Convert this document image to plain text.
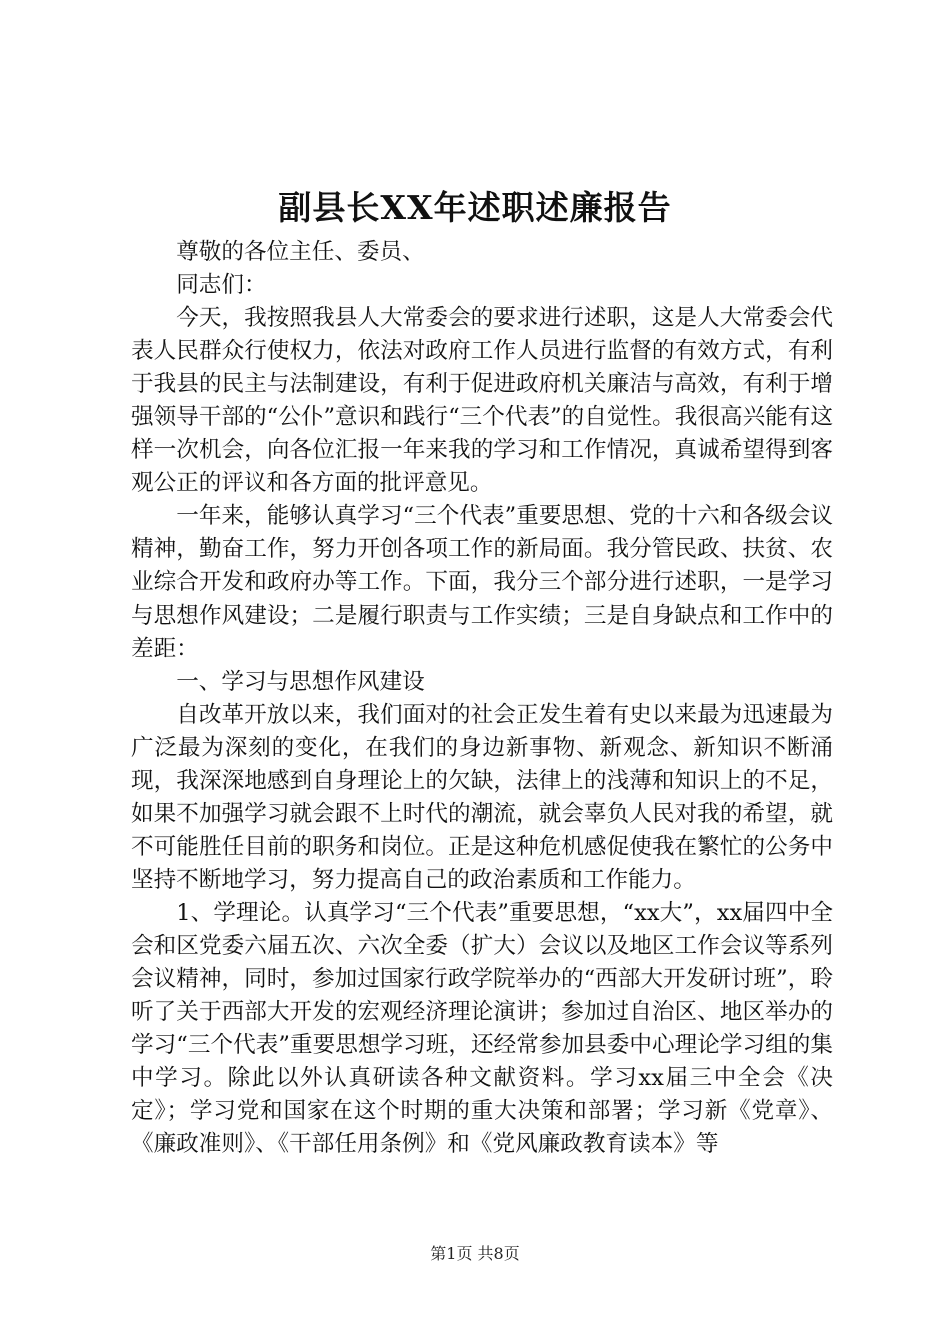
副县长XX年述职述廉报告

尊敬的各位主任、委员、

同志们：

今天，我按照我县人大常委会的要求进行述职，这是人大常委会代表人民群众行使权力，依法对政府工作人员进行监督的有效方式，有利于我县的民主与法制建设，有利于促进政府机关廉洁与高效，有利于增强领导干部的“公仆”意识和践行“三个代表”的自觉性。我很高兴能有这样一次机会，向各位汇报一年来我的学习和工作情况，真诚希望得到客观公正的评议和各方面的批评意见。

一年来，能够认真学习“三个代表”重要思想、党的十六和各级会议精神，勤奋工作，努力开创各项工作的新局面。我分管民政、扶贫、农业综合开发和政府办等工作。下面，我分三个部分进行述职，一是学习与思想作风建设；二是履行职责与工作实绩；三是自身缺点和工作中的差距：

一、学习与思想作风建设

自改革开放以来，我们面对的社会正发生着有史以来最为迅速最为广泛最为深刻的变化，在我们的身边新事物、新观念、新知识不断涌现，我深深地感到自身理论上的欠缺，法律上的浅薄和知识上的不足，如果不加强学习就会跟不上时代的潮流，就会辜负人民对我的希望，就不可能胜任目前的职务和岗位。正是这种危机感促使我在繁忙的公务中坚持不断地学习，努力提高自己的政治素质和工作能力。

1、学理论。认真学习“三个代表”重要思想，“xx大”，xx届四中全会和区党委六届五次、六次全委（扩大）会议以及地区工作会议等系列会议精神，同时，参加过国家行政学院举办的“西部大开发研讨班”，聆听了关于西部大开发的宏观经济理论演讲；参加过自治区、地区举办的学习“三个代表”重要思想学习班，还经常参加县委中心理论学习组的集中学习。除此以外认真研读各种文献资料。学习xx届三中全会《决定》；学习党和国家在这个时期的重大决策和部署；学习新《党章》、《廉政准则》、《干部任用条例》和《党风廉政教育读本》等

第1页 共8页
